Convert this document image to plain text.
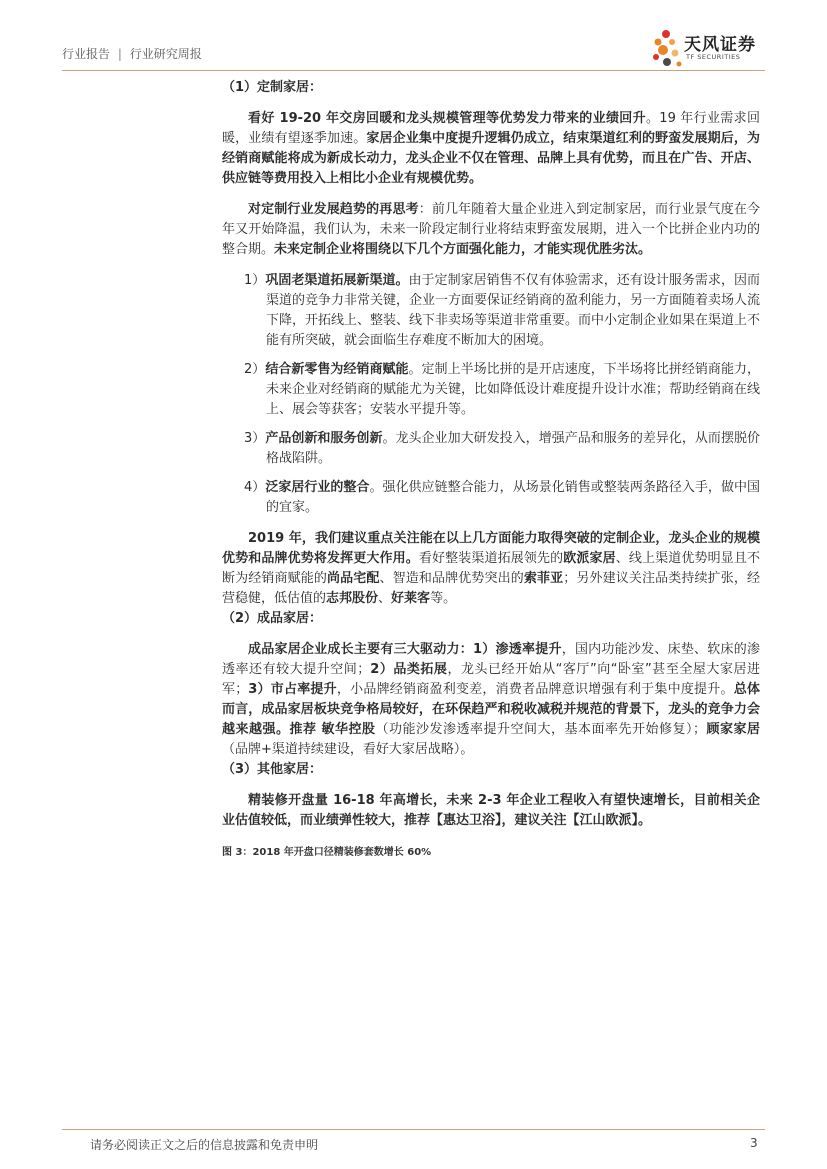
行业报告 | 行业研究周报	天风证券
TF SECURITIES

（1）定制家居：

看好 19-20 年交房回暖和龙头规模管理等优势发力带来的业绩回升。19 年行业需求回暖，业绩有望逐季加速。家居企业集中度提升逻辑仍成立，结束渠道红利的野蛮发展期后，为经销商赋能将成为新成长动力，龙头企业不仅在管理、品牌上具有优势，而且在广告、开店、供应链等费用投入上相比小企业有规模优势。

对定制行业发展趋势的再思考：前几年随着大量企业进入到定制家居，而行业景气度在今年又开始降温，我们认为，未来一阶段定制行业将结束野蛮发展期，进入一个比拼企业内功的整合期。未来定制企业将围绕以下几个方面强化能力，才能实现优胜劣汰。

1）巩固老渠道拓展新渠道。由于定制家居销售不仅有体验需求，还有设计服务需求，因而渠道的竞争力非常关键，企业一方面要保证经销商的盈利能力，另一方面随着卖场人流下降，开拓线上、整装、线下非卖场等渠道非常重要。而中小定制企业如果在渠道上不能有所突破，就会面临生存难度不断加大的困境。

2）结合新零售为经销商赋能。定制上半场比拼的是开店速度，下半场将比拼经销商能力，未来企业对经销商的赋能尤为关键，比如降低设计难度提升设计水准；帮助经销商在线上、展会等获客；安装水平提升等。

3）产品创新和服务创新。龙头企业加大研发投入，增强产品和服务的差异化，从而摆脱价格战陷阱。

4）泛家居行业的整合。强化供应链整合能力，从场景化销售或整装两条路径入手，做中国的宜家。

2019 年，我们建议重点关注能在以上几方面能力取得突破的定制企业，龙头企业的规模优势和品牌优势将发挥更大作用。看好整装渠道拓展领先的欧派家居、线上渠道优势明显且不断为经销商赋能的尚品宅配、智造和品牌优势突出的索菲亚；另外建议关注品类持续扩张，经营稳健，低估值的志邦股份、好莱客等。

（2）成品家居：

成品家居企业成长主要有三大驱动力：1）渗透率提升，国内功能沙发、床垫、软床的渗透率还有较大提升空间；2）品类拓展，龙头已经开始从“客厅”向“卧室”甚至全屋大家居进军；3）市占率提升，小品牌经销商盈利变差，消费者品牌意识增强有利于集中度提升。总体而言，成品家居板块竞争格局较好，在环保趋严和税收减税并规范的背景下，龙头的竞争力会越来越强。推荐 敏华控股（功能沙发渗透率提升空间大，基本面率先开始修复）；顾家家居（品牌+渠道持续建设，看好大家居战略）。

（3）其他家居：

精装修开盘量 16-18 年高增长，未来 2-3 年企业工程收入有望快速增长，目前相关企业估值较低，而业绩弹性较大，推荐【惠达卫浴】，建议关注【江山欧派】。

图 3：2018 年开盘口径精装修套数增长 60%

请务必阅读正文之后的信息披露和免责申明	3
